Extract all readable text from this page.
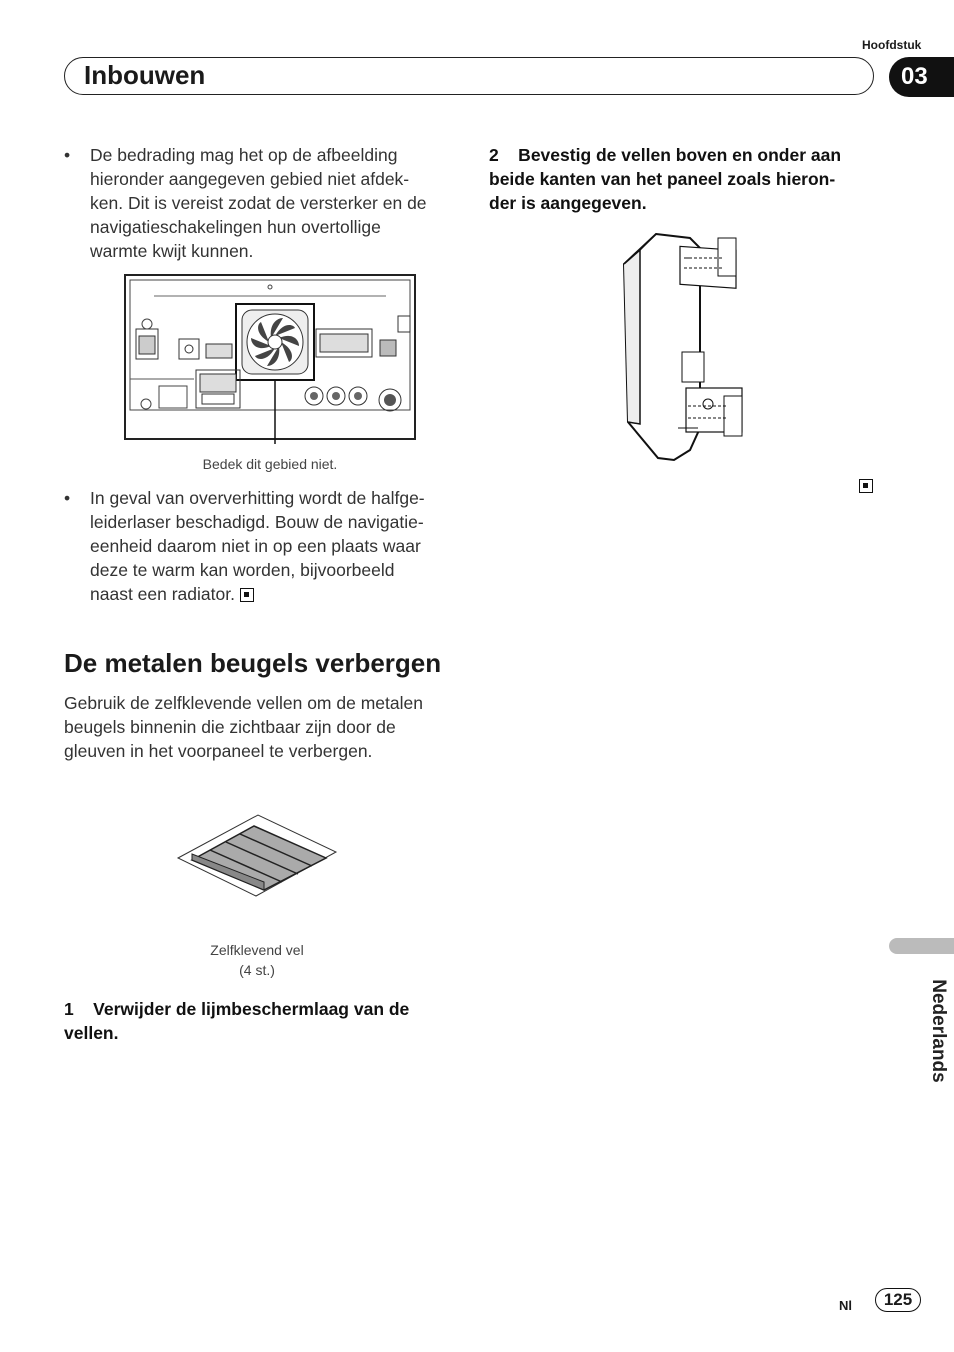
Hoofdstuk
03
Inbouwen
• De bedrading mag het op de afbeelding
hieronder aangegeven gebied niet afdek-
ken. Dit is vereist zodat de versterker en de
navigatieschakelingen hun overtollige
warmte kwijt kunnen.
Bedek dit gebied niet.
• In geval van oververhitting wordt de halfge-
leiderlaser beschadigd. Bouw de navigatie-
eenheid daarom niet in op een plaats waar
deze te warm kan worden, bijvoorbeeld
naast een radiator.
De metalen beugels verbergen
Gebruik de zelfklevende vellen om de metalen
beugels binnenin die zichtbaar zijn door de
gleuven in het voorpaneel te verbergen.
Zelfklevend vel
(4 st.)
1    Verwijder de lijmbeschermlaag van de
vellen.
2    Bevestig de vellen boven en onder aan
beide kanten van het paneel zoals hieron-
der is aangegeven.
Nederlands
Nl	125
